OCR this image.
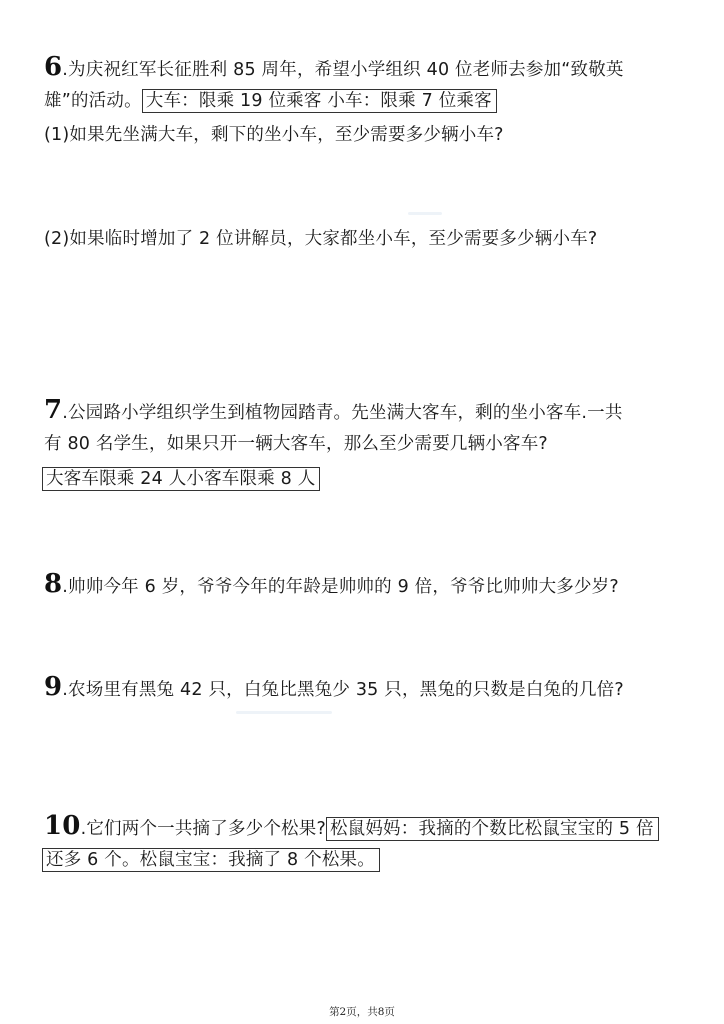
6.为庆祝红军长征胜利 85 周年，希望小学组织 40 位老师去参加“致敬英
雄”的活动。 大车：限乘 19 位乘客 小车：限乘 7 位乘客
(1)如果先坐满大车，剩下的坐小车，至少需要多少辆小车?
(2)如果临时增加了 2 位讲解员，大家都坐小车，至少需要多少辆小车?
7.公园路小学组织学生到植物园踏青。先坐满大客车，剩的坐小客车.一共
有 80 名学生，如果只开一辆大客车，那么至少需要几辆小客车?
大客车限乘 24 人小客车限乘 8 人
8.帅帅今年 6 岁，爷爷今年的年龄是帅帅的 9 倍，爷爷比帅帅大多少岁?
9.农场里有黑兔 42 只，白兔比黑兔少 35 只，黑兔的只数是白兔的几倍?
10.它们两个一共摘了多少个松果? 松鼠妈妈：我摘的个数比松鼠宝宝的 5 倍
还多 6 个。松鼠宝宝：我摘了 8 个松果。
第2页，共8页
